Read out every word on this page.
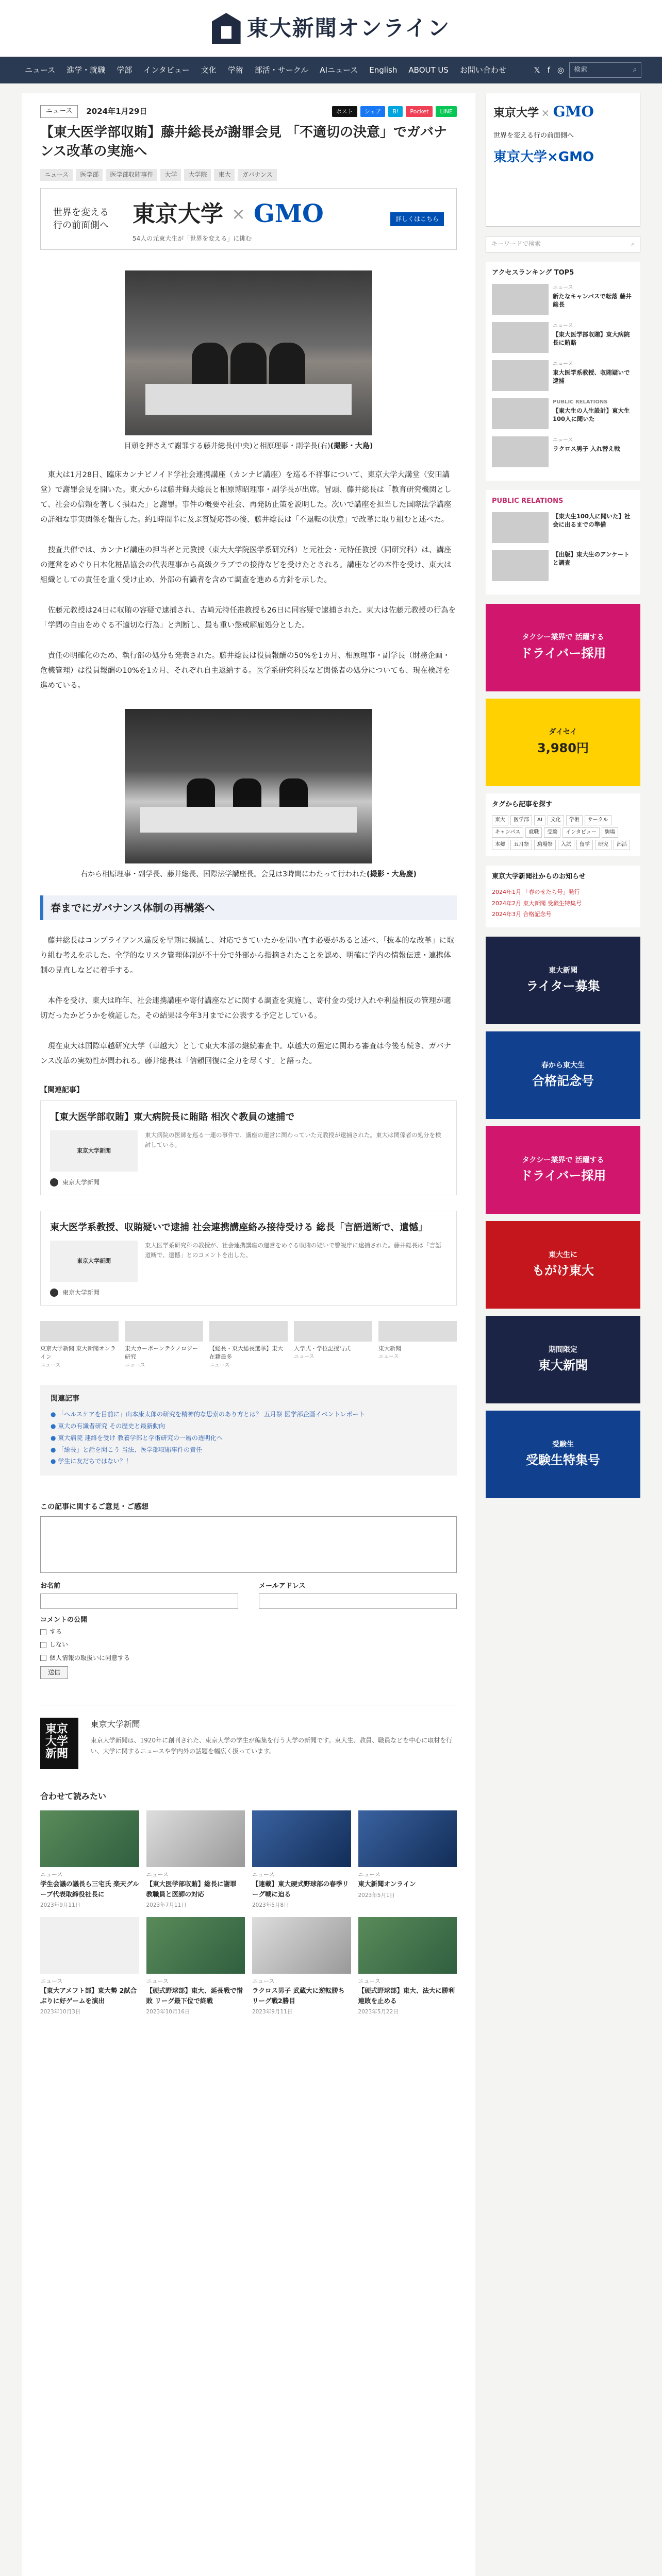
東大新聞オンライン
ニュース	進学・就職	学部	インタビュー	文化	学術	部活・サークル	AIニュース	English	ABOUT US	お問い合わせ	𝕏 f ◎	検索	⌕
ニュース	2024年1月29日	ポスト	シェア	B!	Pocket	LINE
【東大医学部収賄】藤井総長が謝罪会見 「不適切の決意」でガバナンス改革の実施へ
ニュース	医学部	医学部収賄事件	大学	大学院	東大	ガバナンス
世界を変える 行の前面側へ	東京大学 × GMO
54人の元東大生が「世界を変える」に挑む
詳しくはこちら

目頭を押さえて謝罪する藤井総長(中央)と相原理事・副学長(右)(撮影・大島)

東大は1月28日、臨床カンナビノイド学社会連携講座（カンナビ講座）を巡る不祥事について、東京大学大講堂（安田講堂）で謝罪会見を開いた。東大からは藤井輝夫総長と相原博昭理事・副学長が出席。冒頭、藤井総長は「教育研究機関として、社会の信頼を著しく損ねた」と謝罪。事件の概要や社会、再発防止策を説明した。次いで講座を担当した国際法学講座の詳細な事実関係を報告した。約1時間半に及ぶ質疑応答の後、藤井総長は「不退転の決意」で改革に取り組むと述べた。

捜査共催では、カンナビ講座の担当者と元教授（東大大学院医学系研究科）と元社会・元特任教授（同研究科）は、講座の運営をめぐり日本化粧品協会の代表理事から高級クラブでの接待などを受けたとされる。講座などの本件を受け、東大は組織としての責任を重く受け止め、外部の有識者を含めて調査を進める方針を示した。

佐藤元教授は24日に収賄の容疑で逮捕され、吉崎元特任准教授も26日に同容疑で逮捕された。東大は佐藤元教授の行為を「学問の自由をめぐる不適切な行為」と判断し、最も重い懲戒解雇処分とした。

責任の明確化のため、執行部の処分も発表された。藤井総長は役員報酬の50%を1カ月、相原理事・副学長（財務企画・危機管理）は役員報酬の10%を1カ月、それぞれ自主返納する。医学系研究科長など関係者の処分についても、現在検討を進めている。

右から相原理事・副学長、藤井総長、国際法学講座長。会見は3時間にわたって行われた(撮影・大島慶)

春までにガバナンス体制の再構築へ

藤井総長はコンプライアンス違反を早期に撲滅し、対応できていたかを問い直す必要があると述べ、「抜本的な改革」に取り組む考えを示した。全学的なリスク管理体制が不十分で外部から指摘されたことを認め、明確に学内の情報伝達・連携体制の見直しなどに着手する。

本件を受け、東大は昨年、社会連携講座や寄付講座などに関する調査を実施し、寄付金の受け入れや利益相反の管理が適切だったかどうかを検証した。その結果は今年3月までに公表する予定としている。

現在東大は国際卓越研究大学（卓越大）として東大本部の継続審査中。卓越大の選定に関わる審査は今後も続き、ガバナンス改革の実効性が問われる。藤井総長は「信頼回復に全力を尽くす」と語った。

【関連記事】
【東大医学部収賄】東大病院長に賄賂 相次ぐ教員の逮捕で
東京大学新聞
東大病院の医師を巡る一連の事件で、講座の運営に関わっていた元教授が逮捕された。東大は関係者の処分を検討している。
東京大学新聞
東大医学系教授、収賄疑いで逮捕 社会連携講座絡み接待受ける 総長「言語道断で、遺憾」
東京大学新聞
東大医学系研究科の教授が、社会連携講座の運営をめぐる収賄の疑いで警視庁に逮捕された。藤井総長は「言語道断で、遺憾」とのコメントを出した。
東京大学新聞
東京大学新聞 東大新聞オンライン
ニュース
東大カーボーンテクノロジー研究
ニュース
【総長・東大総長選挙】東大在籍最多
ニュース
入学式・学位記授与式
ニュース
東大新聞
ニュース
関連記事
● 「ヘルスケアを目前に」山本康太郎の研究を精神的な思索のあり方とは？ 五月祭 医学部企画イベントレポート
● 東大の有識者研究 その歴史と最新動向
● 東大病院 連絡を受け 教養学部と学術研究の一層の透明化へ
● 「総長」と話を聞こう 当法、医学部収賄事件の責任
● 学生に友だちではない？！
この記事に関するご意見・ご感想
お名前	メールアドレス
コメントの公開
する
しない
個人情報の取扱いに同意する
送信
東京大学新聞
東京大学新聞
東京大学新聞は、1920年に創刊された、東京大学の学生が編集を行う大学の新聞です。東大生、教員、職員などを中心に取材を行い、大学に関するニュースや学内外の話題を幅広く扱っています。
合わせて読みたい
ニュース
学生会議の議長ら三宅氏 楽天グループ代表取締役社長に
2023年9月11日
ニュース
【東大医学部収賄】総長に謝罪 教職員と医師の対応
2023年7月11日
ニュース
【連載】東大硬式野球部の春季リーグ戦に迫る
2023年5月8日
ニュース
東大新聞オンライン
2023年5月1日
ニュース
【東大アメフト部】東大勢 2試合ぶりに好ゲームを演出
2023年10月3日
ニュース
【硬式野球部】東大、延長戦で惜敗 リーグ最下位で終戦
2023年10月16日
ニュース
ラクロス男子 武蔵大に逆転勝ち リーグ戦2勝目
2023年9月11日
ニュース
【硬式野球部】東大、法大に勝利 連敗を止める
2023年5月22日
東京大学 × GMO
世界を変える行の前面側へ
東京大学×GMO
キーワードで検索	⌕
アクセスランキング TOP5
ニュース
新たなキャンパスで転落 藤井総長
ニュース
【東大医学部収賄】東大病院長に賄賂
ニュース
東大医学系教授、収賄疑いで逮捕
PUBLIC RELATIONS
【東大生の人生設計】東大生 100人に聞いた
ニュース
ラクロス男子 入れ替え戦
PUBLIC RELATIONS
【東大生100人に聞いた】社会に出るまでの準備
【出版】東大生のアンケートと調査
タクシー業界で 活躍する
ドライバー採用
ダイセイ
3,980円
タグから記事を探す
東大	医学部	AI	文化	学術	サークル
キャンパス	就職	受験	インタビュー	駒場
本郷	五月祭	駒場祭	入試	留学	研究	部活
東京大学新聞社からのお知らせ
2024年1月 「春のせたら号」発行
2024年2月 東大新聞 受験生特集号
2024年3月 合格記念号
東大新聞
ライター募集
春から東大生
合格記念号
タクシー業界で 活躍する
ドライバー採用
東大生に
もがけ東大
期間限定
東大新聞
受験生
受験生特集号
